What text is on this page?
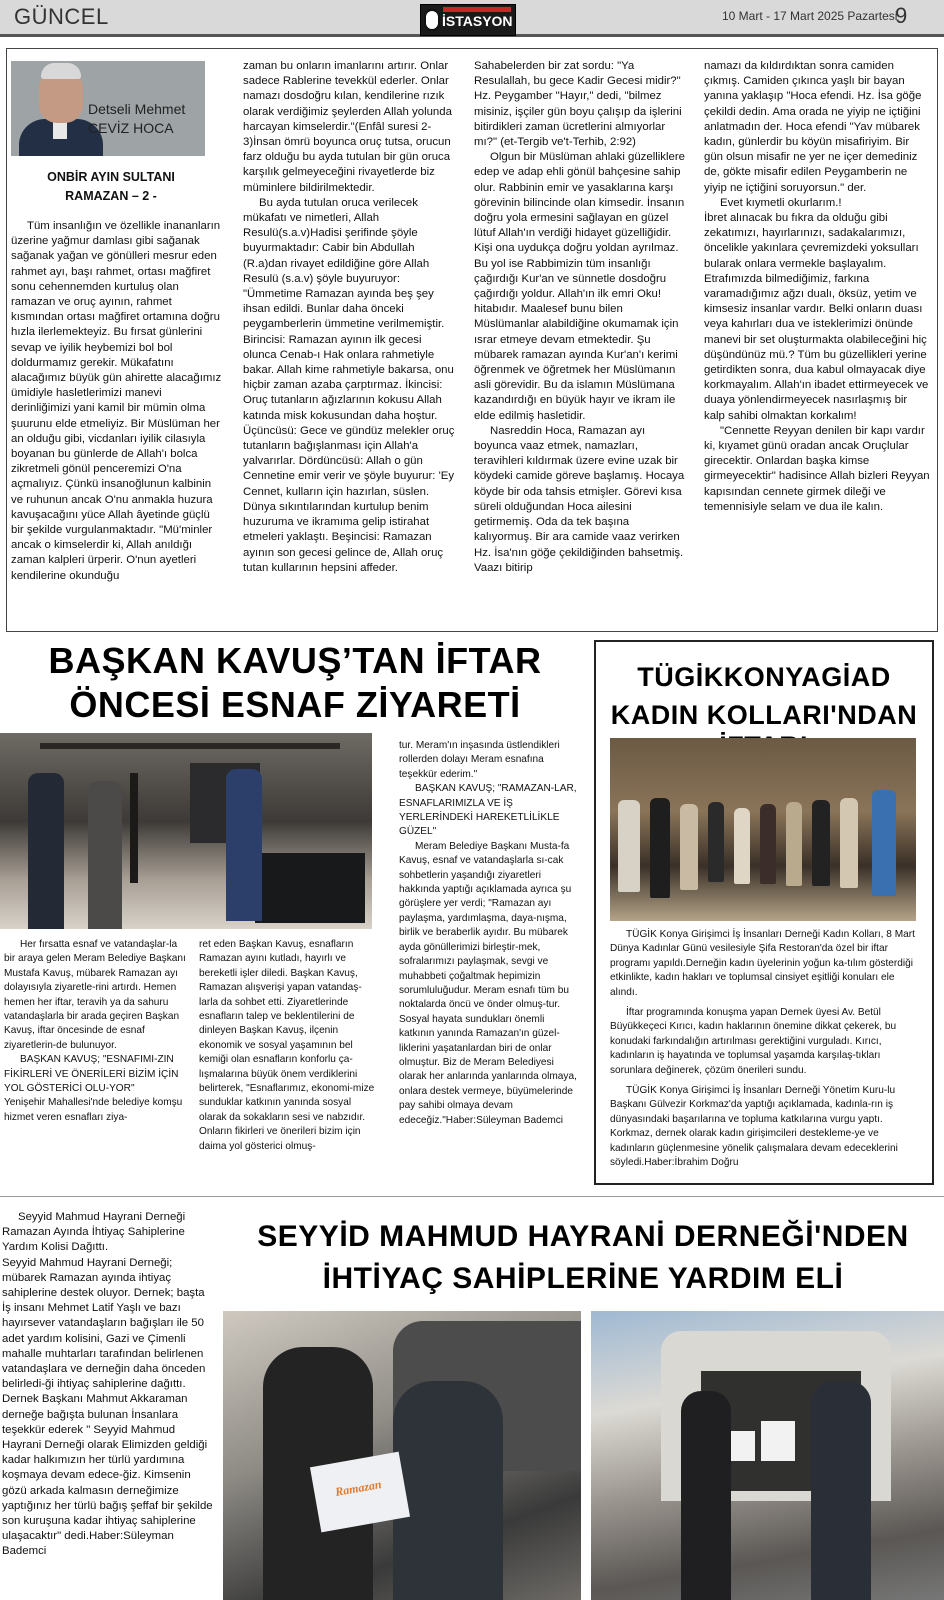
GÜNCEL	İSTASYON	10 Mart - 17 Mart 2025 Pazartesi
9
Detseli Mehmet
CEVİZ HOCA
ONBİR AYIN SULTANI
RAMAZAN – 2 -

Tüm insanlığın ve özellikle inananların üzerine yağmur damlası gibi sağanak sağanak yağan ve gönülleri mesrur eden rahmet ayı, başı rahmet, ortası mağfiret sonu cehennemden kurtuluş olan ramazan ve oruç ayının, rahmet kısmından ortası mağfiret ortamına doğru hızla ilerlemekteyiz. Bu fırsat günlerini sevap ve iyilik heybemizi bol bol doldurmamız gerekir. Mükafatını alacağımız büyük gün ahirette alacağımız ümidiyle hasletlerimizi manevi derinliğimizi yani kamil bir mümin olma şuurunu elde etmeliyiz. Bir Müslüman her an olduğu gibi, vicdanları iyilik cilasıyla boyanan bu günlerde de Allah'ı bolca zikretmeli gönül penceremizi O'na açmalıyız. Çünkü insanoğlunun kalbinin ve ruhunun ancak O'nu anmakla huzura kavuşacağını yüce Allah âyetinde güçlü bir şekilde vurgulanmaktadır. "Mü'minler ancak o kimselerdir ki, Allah anıldığı zaman kalpleri ürperir. O'nun ayetleri kendilerine okunduğu

zaman bu onların imanlarını artırır. Onlar sadece Rablerine tevekkül ederler. Onlar namazı dosdoğru kılan, kendilerine rızık olarak verdiğimiz şeylerden Allah yolunda harcayan kimselerdir."(Enfâl suresi 2-3)İnsan ömrü boyunca oruç tutsa, orucun farz olduğu bu ayda tutulan bir gün oruca karşılık gelmeyeceğini rivayetlerde biz müminlere bildirilmektedir.

Bu ayda tutulan oruca verilecek mükafatı ve nimetleri, Allah Resulü(s.a.v)Hadisi şerifinde şöyle buyurmaktadır: Cabir bin Abdullah (R.a)dan rivayet edildiğine göre Allah Resulü (s.a.v) şöyle buyuruyor: "Ümmetime Ramazan ayında beş şey ihsan edildi. Bunlar daha önceki peygamberlerin ümmetine verilmemiştir. Birincisi: Ramazan ayının ilk gecesi olunca Cenab-ı Hak onlara rahmetiyle bakar. Allah kime rahmetiyle bakarsa, onu hiçbir zaman azaba çarptırmaz. İkincisi: Oruç tutanların ağızlarının kokusu Allah katında misk kokusundan daha hoştur. Üçüncüsü: Gece ve gündüz melekler oruç tutanların bağışlanması için Allah'a yalvarırlar. Dördüncüsü: Allah o gün Cennetine emir verir ve şöyle buyurur: 'Ey Cennet, kulların için hazırlan, süslen. Dünya sıkıntılarından kurtulup benim huzuruma ve ikramıma gelip istirahat etmeleri yaklaştı. Beşincisi: Ramazan ayının son gecesi gelince de, Allah oruç tutan kullarının hepsini affeder.

Sahabelerden bir zat sordu: "Ya Resulallah, bu gece Kadir Gecesi midir?" Hz. Peygamber "Hayır," dedi, "bilmez misiniz, işçiler gün boyu çalışıp da işlerini bitirdikleri zaman ücretlerini almıyorlar mı?" (et-Tergib ve't-Terhib, 2:92)

Olgun bir Müslüman ahlaki güzelliklere edep ve adap ehli gönül bahçesine sahip olur. Rabbinin emir ve yasaklarına karşı görevinin bilincinde olan kimsedir. İnsanın doğru yola ermesini sağlayan en güzel lütuf Allah'ın verdiği hidayet güzelliğidir. Kişi ona uydukça doğru yoldan ayrılmaz. Bu yol ise Rabbimizin tüm insanlığı çağırdığı Kur'an ve sünnetle dosdoğru çağırdığı yoldur. Allah'ın ilk emri Oku! hitabıdır. Maalesef bunu bilen Müslümanlar alabildiğine okumamak için ısrar etmeye devam etmektedir. Şu mübarek ramazan ayında Kur'an'ı kerimi öğrenmek ve öğretmek her Müslümanın asli görevidir. Bu da islamın Müslümana kazandırdığı en büyük hayır ve ikram ile elde edilmiş hasletidir.

Nasreddin Hoca, Ramazan ayı boyunca vaaz etmek, namazları, teravihleri kıldırmak üzere evine uzak bir köydeki camide göreve başlamış. Hocaya köyde bir oda tahsis etmişler. Görevi kısa süreli olduğundan Hoca ailesini getirmemiş. Oda da tek başına kalıyormuş. Bir ara camide vaaz verirken Hz. İsa'nın göğe çekildiğinden bahsetmiş. Vaazı bitirip

namazı da kıldırdıktan sonra camiden çıkmış. Camiden çıkınca yaşlı bir bayan yanına yaklaşıp "Hoca efendi. Hz. İsa göğe çekildi dedin. Ama orada ne yiyip ne içtiğini anlatmadın der. Hoca efendi "Yav mübarek kadın, günlerdir bu köyün misafiriyim. Bir gün olsun misafir ne yer ne içer demediniz de, gökte misafir edilen Peygamberin ne yiyip ne içtiğini soruyorsun." der.

Evet kıymetli okurlarım.!

İbret alınacak bu fıkra da olduğu gibi zekatımızı, hayırlarınızı, sadakalarımızı, öncelikle yakınlara çevremizdeki yoksulları bularak onlara vermekle başlayalım. Etrafımızda bilmediğimiz, farkına varamadığımız ağzı dualı, öksüz, yetim ve kimsesiz insanlar vardır. Belki onların duası veya kahırları dua ve isteklerimizi önünde manevi bir set oluşturmakta olabileceğini hiç düşündünüz mü.? Tüm bu güzellikleri yerine getirdikten sonra, dua kabul olmayacak diye korkmayalım. Allah'ın ibadet ettirmeyecek ve duaya yönlendirmeyecek nasırlaşmış bir kalp sahibi olmaktan korkalım!

"Cennette Reyyan denilen bir kapı vardır ki, kıyamet günü oradan ancak Oruçlular girecektir. Onlardan başka kimse girmeyecektir" hadisince Allah bizleri Reyyan kapısından cennete girmek dileği ve temennisiyle selam ve dua ile kalın.

BAŞKAN KAVUŞ’TAN İFTAR
ÖNCESİ ESNAF ZİYARETİ

Her fırsatta esnaf ve vatandaşlar-la bir araya gelen Meram Belediye Başkanı Mustafa Kavuş, mübarek Ramazan ayı dolayısıyla ziyaretle-rini artırdı. Hemen hemen her iftar, teravih ya da sahuru vatandaşlarla bir arada geçiren Başkan Kavuş, iftar öncesinde de esnaf ziyaretlerin-de bulunuyor.

BAŞKAN KAVUŞ; "ESNAFIMI-ZIN FİKİRLERİ VE ÖNERİLERİ BİZİM İÇİN YOL GÖSTERİCİ OLU-YOR"

Yenişehir Mahallesi'nde belediye komşu hizmet veren esnafları ziya-

ret eden Başkan Kavuş, esnafların Ramazan ayını kutladı, hayırlı ve bereketli işler diledi. Başkan Kavuş, Ramazan alışverişi yapan vatandaş-larla da sohbet etti. Ziyaretlerinde esnafların talep ve beklentilerini de dinleyen Başkan Kavuş, ilçenin ekonomik ve sosyal yaşamının bel kemiği olan esnafların konforlu ça-lışmalarına büyük önem verdiklerini belirterek, "Esnaflarımız, ekonomi-mize sunduklar katkının yanında sosyal olarak da sokakların sesi ve nabzıdır. Onların fikirleri ve önerileri bizim için daima yol gösterici olmuş-

tur. Meram'ın inşasında üstlendikleri rollerden dolayı Meram esnafına teşekkür ederim."

BAŞKAN KAVUŞ; "RAMAZAN-LAR, ESNAFLARIMIZLA VE İŞ YERLERİNDEKİ HAREKETLİLİKLE GÜZEL"

Meram Belediye Başkanı Musta-fa Kavuş, esnaf ve vatandaşlarla sı-cak sohbetlerin yaşandığı ziyaretleri hakkında yaptığı açıklamada ayrıca şu görüşlere yer verdi; "Ramazan ayı paylaşma, yardımlaşma, daya-nışma, birlik ve beraberlik ayıdır. Bu mübarek ayda gönüllerimizi birleştir-mek, sofralarımızı paylaşmak, sevgi ve muhabbeti çoğaltmak hepimizin sorumluluğudur. Meram esnafı tüm bu noktalarda öncü ve önder olmuş-tur. Sosyal hayata sundukları önemli katkının yanında Ramazan'ın güzel-liklerini yaşatanlardan biri de onlar olmuştur. Biz de Meram Belediyesi olarak her anlarında yanlarında olmaya, onlara destek vermeye, büyümelerinde pay sahibi olmaya devam edeceğiz."Haber:Süleyman Bademci

TÜGİKKONYAGİAD
KADIN KOLLARI'NDAN

TÜGİK Konya Girişimci İş İnsanları Derneği Kadın Kolları, 8 Mart Dünya Kadınlar Günü vesilesiyle Şifa Restoran'da özel bir iftar programı yapıldı.Derneğin kadın üyelerinin yoğun ka-tılım gösterdiği etkinlikte, kadın hakları ve toplumsal cinsiyet eşitliği konuları ele alındı.

İftar programında konuşma yapan Dernek üyesi Av. Betül Büyükkeçeci Kırıcı, kadın haklarının önemine dikkat çekerek, bu konudaki farkındalığın artırılması gerektiğini vurguladı. Kırıcı, kadınların iş hayatında ve toplumsal yaşamda karşılaş-tıkları sorunlara değinerek, çözüm önerileri sundu.

TÜGİK Konya Girişimci İş İnsanları Derneği Yönetim Kuru-lu Başkanı Gülvezir Korkmaz'da yaptığı açıklamada, kadınla-rın iş dünyasındaki başarılarına ve topluma katkılarına vurgu yaptı. Korkmaz, dernek olarak kadın girişimcileri destekleme-ye ve kadınların güçlenmesine yönelik çalışmalara devam edeceklerini söyledi.Haber:İbrahim Doğru

Seyyid Mahmud Hayrani Derneği Ramazan Ayında İhtiyaç Sahiplerine Yardım Kolisi Dağıttı.

Seyyid Mahmud Hayrani Derneği; mübarek Ramazan ayında ihtiyaç sahiplerine destek oluyor. Dernek; başta İş insanı Mehmet Latif Yaşlı ve bazı hayırsever vatandaşların bağışları ile 50 adet yardım kolisini, Gazi ve Çimenli mahalle muhtarları tarafından belirlenen vatandaşlara ve derneğin daha önceden belirledi-ği ihtiyaç sahiplerine dağıttı.

Dernek Başkanı Mahmut Akkaraman derneğe bağışta bulunan İnsanlara teşekkür ederek " Seyyid Mahmud Hayrani Derneği olarak Elimizden geldiği kadar halkımızın her türlü yardımına koşmaya devam edece-ğiz. Kimsenin gözü arkada kalmasın derneğimize yaptığınız her türlü bağış şeffaf bir şekilde son kuruşuna kadar ihtiyaç sahiplerine ulaşacaktır" dedi.Haber:Süleyman Bademci

SEYYİD MAHMUD HAYRANİ DERNEĞİ'NDEN
İHTİYAÇ SAHİPLERİNE YARDIM ELİ
Ramazan
